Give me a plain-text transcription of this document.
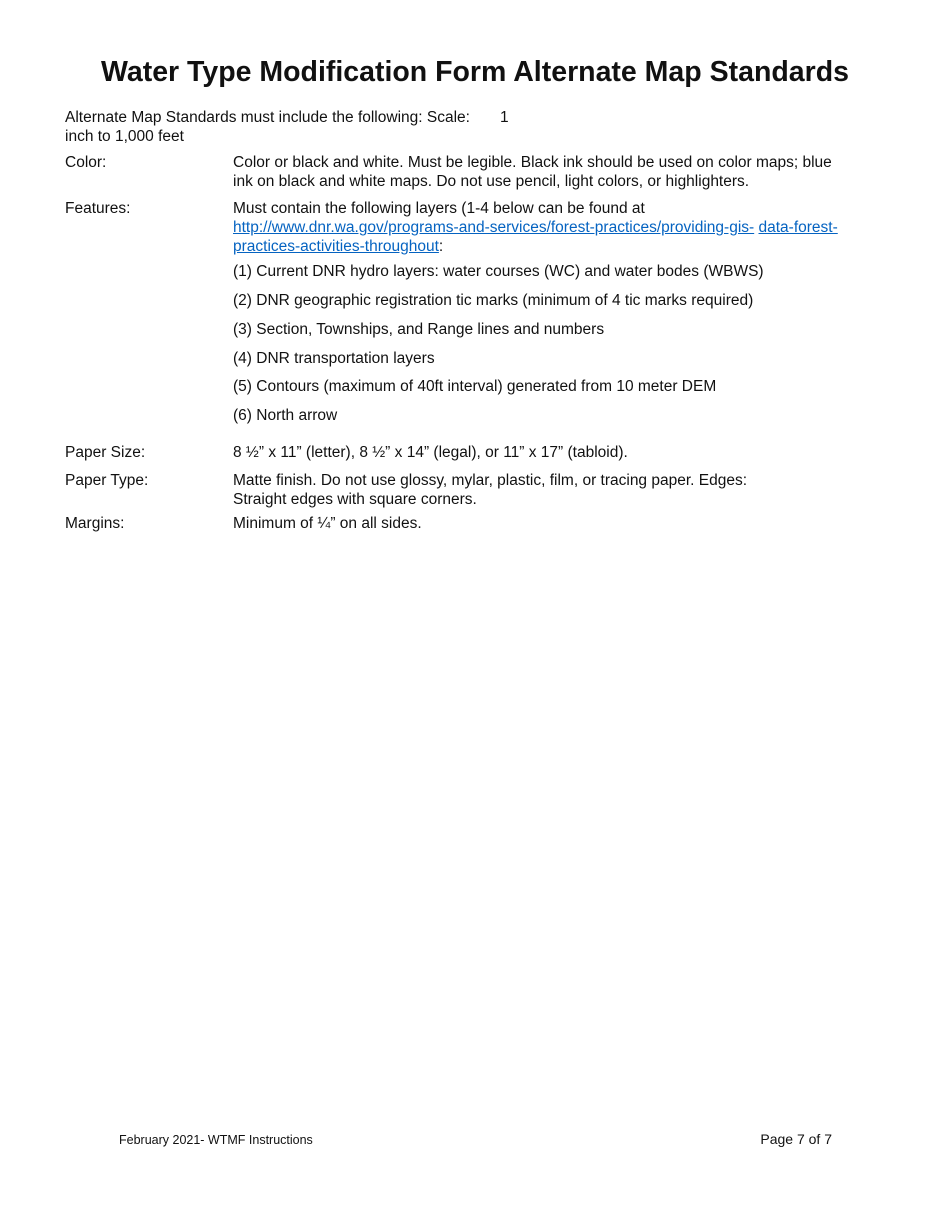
Water Type Modification Form Alternate Map Standards
Alternate Map Standards must include the following: Scale: 1
inch to 1,000 feet
Color:	Color or black and white. Must be legible. Black ink should be used on color maps; blue ink on black and white maps. Do not use pencil, light colors, or highlighters.
Features:	Must contain the following layers (1-4 below can be found at
http://www.dnr.wa.gov/programs-and-services/forest-practices/providing-gis- data-forest-practices-activities-throughout:
(1) Current DNR hydro layers: water courses (WC) and water bodes (WBWS)
(2) DNR geographic registration tic marks (minimum of 4 tic marks required)
(3) Section, Townships, and Range lines and numbers
(4) DNR transportation layers
(5) Contours (maximum of 40ft interval) generated from 10 meter DEM
(6) North arrow
Paper Size:	8 ½” x 11” (letter), 8 ½” x 14” (legal), or 11” x 17” (tabloid).
Paper Type:	Matte finish. Do not use glossy, mylar, plastic, film, or tracing paper. Edges: Straight edges with square corners.
Margins:	Minimum of ¼” on all sides.
February 2021- WTMF Instructions	Page 7 of 7
